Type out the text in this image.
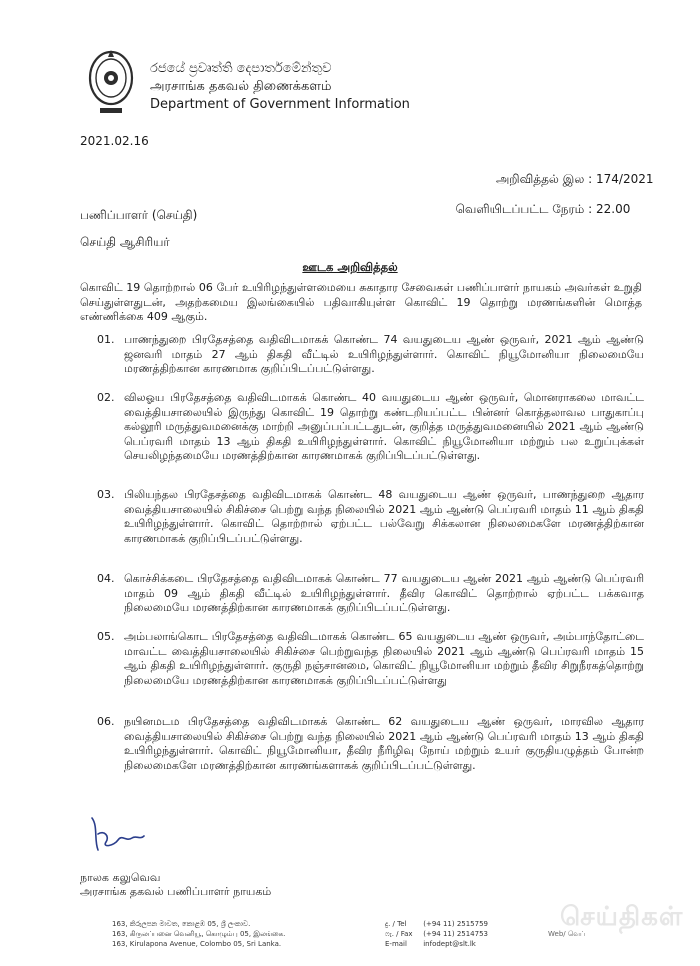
රජයේ ප්‍රවෘත්ති දෙපාර්තමේන්තුව
அரசாங்க தகவல் திணைக்களம்
Department of Government Information
2021.02.16
அறிவித்தல் இல : 174/2021
வெளியிடப்பட்ட நேரம் : 22.00
பணிப்பாளர் (செய்தி)
செய்தி ஆசிரியர்
ஊடக அறிவித்தல்
கொவிட் 19 தொற்றால் 06 பேர் உயிரிழந்துள்ளமையை சுகாதார சேவைகள் பணிப்பாளர் நாயகம் அவர்கள் உறுதி செய்துள்ளதுடன், அதற்கமைய இலங்கையில் பதிவாகியுள்ள கொவிட் 19 தொற்று மரணங்களின் மொத்த எண்ணிக்கை 409 ஆகும்.
01. பாணந்துறை பிரதேசத்தை வதிவிடமாகக் கொண்ட 74 வயதுடைய ஆண் ஒருவர், 2021 ஆம் ஆண்டு ஜனவரி மாதம் 27 ஆம் திகதி வீட்டில் உயிரிழந்துள்ளார். கொவிட் நியூமோனியா நிலைமையே மரணத்திற்கான காரணமாக குறிப்பிடப்பட்டுள்ளது.
02. விலஓய பிரதேசத்தை வதிவிடமாகக் கொண்ட 40 வயதுடைய ஆண் ஒருவர், மொனராகலை மாவட்ட வைத்தியசாலையில் இருந்து கொவிட் 19 தொற்று கண்டறியப்பட்ட பின்னர் கொத்தலாவல பாதுகாப்பு கல்லூரி மருத்துவமனைக்கு மாற்றி அனுப்பப்பட்டதுடன், குறித்த மருத்துவமனையில் 2021 ஆம் ஆண்டு பெப்ரவரி மாதம் 13 ஆம் திகதி உயிரிழந்துள்ளார். கொவிட் நியூமோனியா மற்றும் பல உறுப்புக்கள் செயலிழந்தமையே மரணத்திற்கான காரணமாகக் குறிப்பிடப்பட்டுள்ளது.
03. பிலியந்தல பிரதேசத்தை வதிவிடமாகக் கொண்ட 48 வயதுடைய ஆண் ஒருவர், பாணந்துறை ஆதார வைத்தியசாலையில் சிகிச்சை பெற்று வந்த நிலையில் 2021 ஆம் ஆண்டு பெப்ரவரி மாதம் 11 ஆம் திகதி உயிரிழந்துள்ளார். கொவிட் தொற்றால் ஏற்பட்ட பல்வேறு சிக்கலான நிலைமைகளே மரணத்திற்கான காரணமாகக் குறிப்பிடப்பட்டுள்ளது.
04. கொச்சிக்கடை பிரதேசத்தை வதிவிடமாகக் கொண்ட 77 வயதுடைய ஆண் 2021 ஆம் ஆண்டு பெப்ரவரி மாதம் 09 ஆம் திகதி வீட்டில் உயிரிழந்துள்ளார். தீவிர கொவிட் தொற்றால் ஏற்பட்ட பக்கவாத நிலைமையே மரணத்திற்கான காரணமாகக் குறிப்பிடப்பட்டுள்ளது.
05. அம்பலாங்கொட பிரதேசத்தை வதிவிடமாகக் கொண்ட 65 வயதுடைய ஆண் ஒருவர், அம்பாந்தோட்டை மாவட்ட வைத்தியசாலையில் சிகிச்சை பெற்றுவந்த நிலையில் 2021 ஆம் ஆண்டு பெப்ரவரி மாதம் 15 ஆம் திகதி உயிரிழந்துள்ளார். குருதி நஞ்சானமை, கொவிட் நியூமோனியா மற்றும் தீவிர சிறுநீரகத்தொற்று நிலைமையே மரணத்திற்கான காரணமாகக் குறிப்பிடப்பட்டுள்ளது
06. நயினமடம பிரதேசத்தை வதிவிடமாகக் கொண்ட 62 வயதுடைய ஆண் ஒருவர், மாரவில ஆதார வைத்தியசாலையில் சிகிச்சை பெற்று வந்த நிலையில் 2021 ஆம் ஆண்டு பெப்ரவரி மாதம் 13 ஆம் திகதி உயிரிழந்துள்ளார். கொவிட் நியூமோனியா, தீவிர நீரிழிவு நோய் மற்றும் உயர் குருதியழுத்தம் போன்ற நிலைமைகளே மரணத்திற்கான காரணங்களாகக் குறிப்பிடப்பட்டுள்ளது.
நாலக கலுவெவ
அரசாங்க தகவல் பணிப்பாளர் நாயகம்
செய்திகள்
163, කිරුලපන මාවත, කොළඹ 05, ශ්‍රී ලංකාව.
163, கிருலப்பனை வெனியூ, கொழும்பு 05, இலங்கை.
163, Kirulapona Avenue, Colombo 05, Sri Lanka.
දු. / Tel (+94 11) 2515759
ෆැ. / Fax (+94 11) 2514753
E-mail infodept@slt.lk
Web/ வெப்
